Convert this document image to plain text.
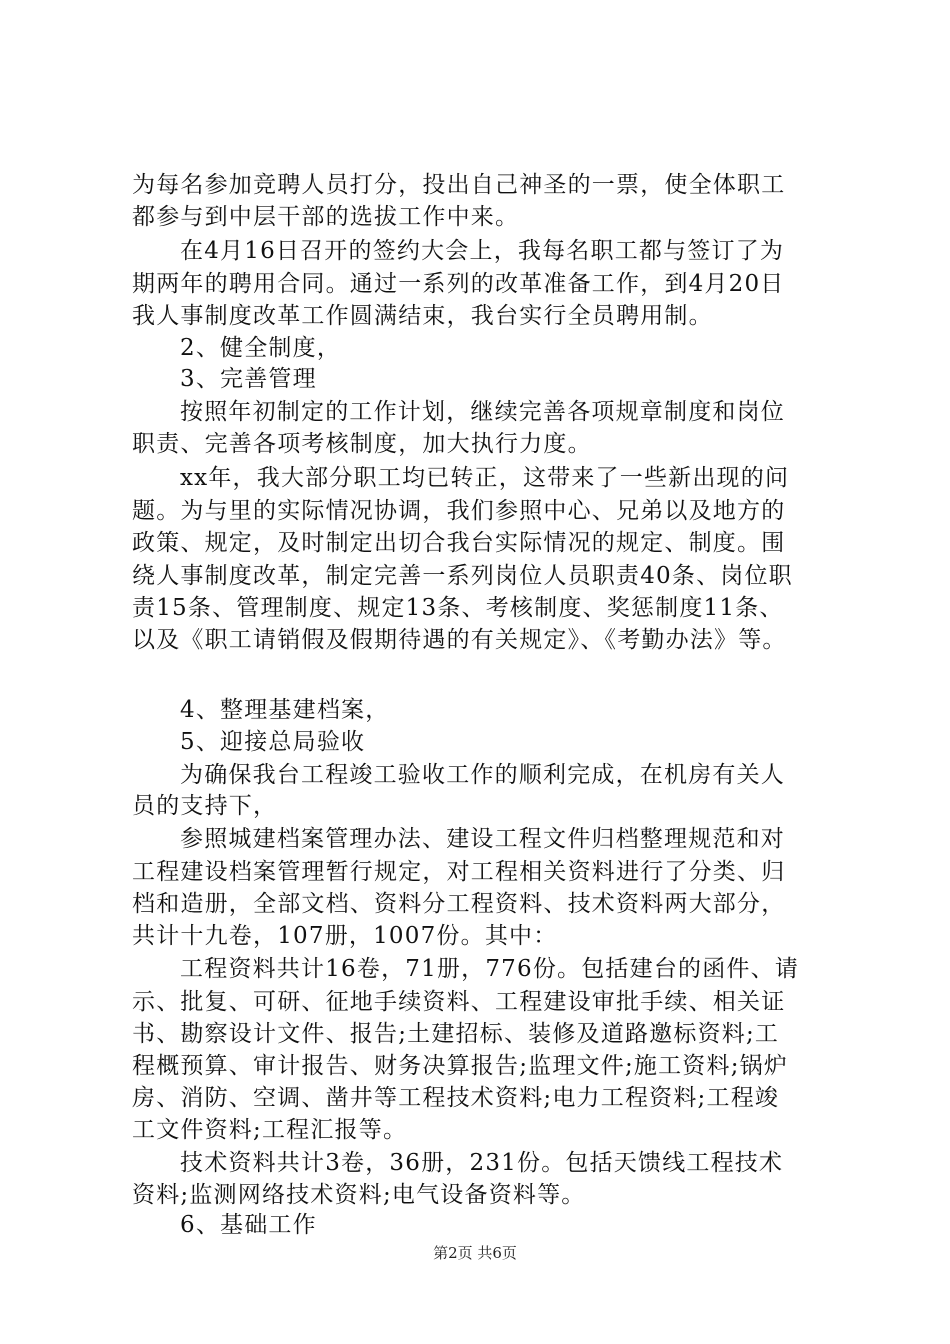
为每名参加竞聘人员打分，投出自己神圣的一票，使全体职工
都参与到中层干部的选拔工作中来。
在4月16日召开的签约大会上，我每名职工都与签订了为
期两年的聘用合同。通过一系列的改革准备工作，到4月20日
我人事制度改革工作圆满结束，我台实行全员聘用制。
2、健全制度，
3、完善管理
按照年初制定的工作计划，继续完善各项规章制度和岗位
职责、完善各项考核制度，加大执行力度。
xx年，我大部分职工均已转正，这带来了一些新出现的问
题。为与里的实际情况协调，我们参照中心、兄弟以及地方的
政策、规定，及时制定出切合我台实际情况的规定、制度。围
绕人事制度改革，制定完善一系列岗位人员职责40条、岗位职
责15条、管理制度、规定13条、考核制度、奖惩制度11条、
以及《职工请销假及假期待遇的有关规定》、《考勤办法》等。
4、整理基建档案，
5、迎接总局验收
为确保我台工程竣工验收工作的顺利完成，在机房有关人
员的支持下，
参照城建档案管理办法、建设工程文件归档整理规范和对
工程建设档案管理暂行规定，对工程相关资料进行了分类、归
档和造册，全部文档、资料分工程资料、技术资料两大部分，
共计十九卷，107册，1007份。其中：
工程资料共计16卷，71册，776份。包括建台的函件、请
示、批复、可研、征地手续资料、工程建设审批手续、相关证
书、勘察设计文件、报告;土建招标、装修及道路邀标资料;工
程概预算、审计报告、财务决算报告;监理文件;施工资料;锅炉
房、消防、空调、凿井等工程技术资料;电力工程资料;工程竣
工文件资料;工程汇报等。
技术资料共计3卷，36册，231份。包括天馈线工程技术
资料;监测网络技术资料;电气设备资料等。
6、基础工作
第2页 共6页
